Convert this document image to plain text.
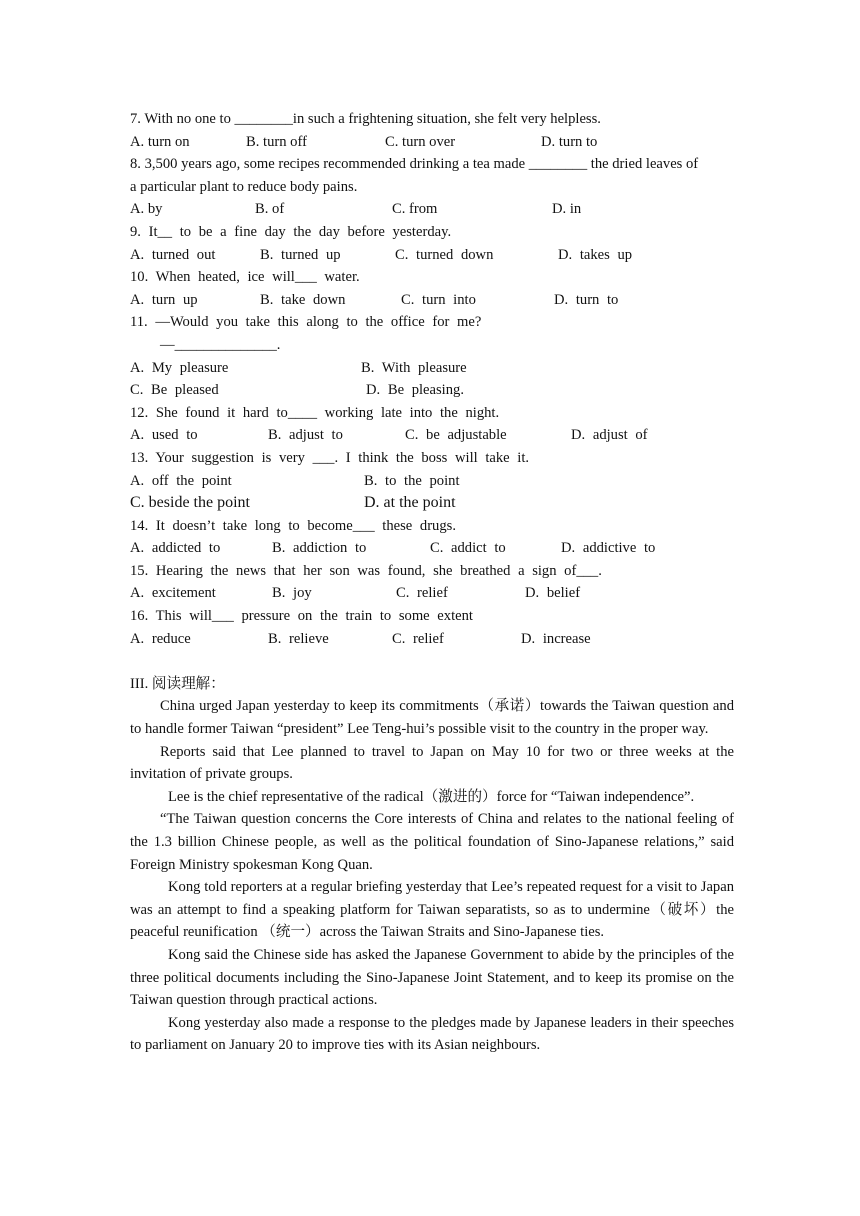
7. With no one to ________in such a frightening situation, she felt very helpless.
A. turn on	B. turn off	C. turn over	D. turn to
8. 3,500 years ago, some recipes recommended drinking a tea made ________ the dried leaves of
a particular plant to reduce body pains.
A. by	B. of	C. from	D. in
9. It__ to be a fine day the day before yesterday.
A. turned out	B. turned up	C. turned down	D. takes up
10. When heated, ice will___ water.
A. turn up	B. take down	C. turn into	D. turn to
11. —Would you take this along to the office for me?
—______________.
A. My pleasure	B. With pleasure
C. Be pleased	D. Be pleasing.
12. She found it hard to____ working late into the night.
A. used to	B. adjust to	C. be adjustable	D. adjust of
13. Your suggestion is very ___. I think the boss will take it.
A. off the point	B. to the point
C. beside the point	D. at the point
14. It doesn’t take long to become___ these drugs.
A. addicted to	B. addiction to	C. addict to	D. addictive to
15. Hearing the news that her son was found, she breathed a sign of___.
A. excitement	B. joy	C. relief	D. belief
16. This will___ pressure on the train to some extent
A. reduce	B. relieve	C. relief	D. increase
III. 阅读理解：

China urged Japan yesterday to keep its commitments（承诺）towards the Taiwan question and to handle former Taiwan “president” Lee Teng-hui’s possible visit to the country in the proper way.

Reports said that Lee planned to travel to Japan on May 10 for two or three weeks at the invitation of private groups.

Lee is the chief representative of the radical（激进的）force for “Taiwan independence”.

“The Taiwan question concerns the Core interests of China and relates to the national feeling of the 1.3 billion Chinese people, as well as the political foundation of Sino-Japanese relations,” said Foreign Ministry spokesman Kong Quan.

Kong told reporters at a regular briefing yesterday that Lee’s repeated request for a visit to Japan was an attempt to find a speaking platform for Taiwan separatists, so as to undermine（破坏）the peaceful reunification （统一）across the Taiwan Straits and Sino-Japanese ties.

Kong said the Chinese side has asked the Japanese Government to abide by the principles of the three political documents including the Sino-Japanese Joint Statement, and to keep its promise on the Taiwan question through practical actions.

Kong yesterday also made a response to the pledges made by Japanese leaders in their speeches to parliament on January 20 to improve ties with its Asian neighbours.
